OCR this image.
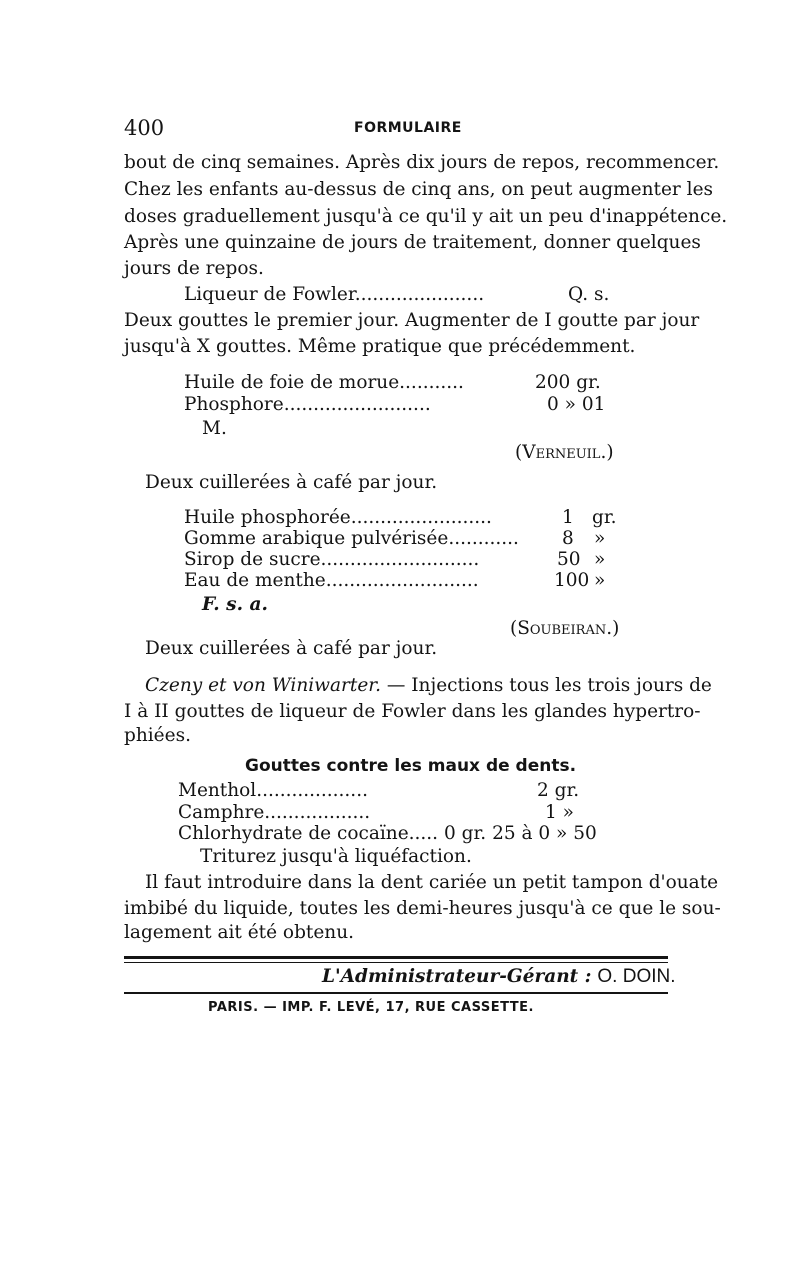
400	FORMULAIRE
bout de cinq semaines. Après dix jours de repos, recommencer.
Chez les enfants au-dessus de cinq ans, on peut augmenter les
doses graduellement jusqu'à ce qu'il y ait un peu d'inappétence.
Après une quinzaine de jours de traitement, donner quelques
jours de repos.
Liqueur de Fowler......................	Q. s.
Deux gouttes le premier jour. Augmenter de I goutte par jour
jusqu'à X gouttes. Même pratique que précédemment.
Huile de foie de morue...........	200 gr.
Phosphore.........................	0 » 01
M.
(Verneuil.)
Deux cuillerées à café par jour.
Huile phosphorée........................	1 gr.
Gomme arabique pulvérisée............ 8 »
Sirop de sucre...........................	50 »
Eau de menthe..........................	100 »
F. s. a.
(Soubeiran.)
Deux cuillerées à café par jour.
Czeny et von Winiwarter. — Injections tous les trois jours de
I à II gouttes de liqueur de Fowler dans les glandes hypertro-
phiées.
Gouttes contre les maux de dents.
Menthol...................	2 gr.
Camphre..................	1 »
Chlorhydrate de cocaïne..... 0 gr. 25 à 0 » 50
Triturez jusqu'à liquéfaction.
Il faut introduire dans la dent cariée un petit tampon d'ouate
imbibé du liquide, toutes les demi-heures jusqu'à ce que le sou-
lagement ait été obtenu.
L'Administrateur-Gérant : O. DOIN.
PARIS. — IMP. F. LEVÉ, 17, RUE CASSETTE.
